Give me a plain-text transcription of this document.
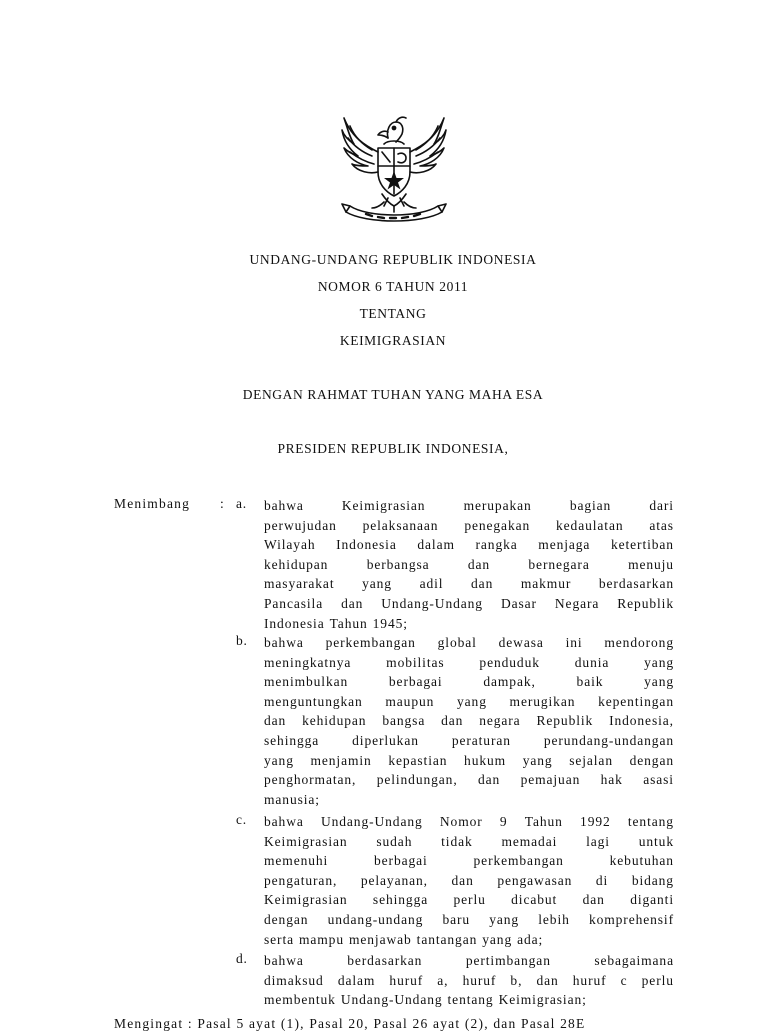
UNDANG-UNDANG REPUBLIK INDONESIA
NOMOR 6 TAHUN 2011
TENTANG
KEIMIGRASIAN
DENGAN RAHMAT TUHAN YANG MAHA ESA
PRESIDEN REPUBLIK INDONESIA,
Menimbang : a. bahwa	Keimigrasian	merupakan	bagian	dari
perwujudan pelaksanaan penegakan kedaulatan atas
Wilayah Indonesia dalam rangka menjaga ketertiban
kehidupan	berbangsa	dan	bernegara	menuju
masyarakat yang adil dan makmur berdasarkan
Pancasila dan Undang-Undang Dasar Negara Republik
Indonesia Tahun 1945;
b. bahwa perkembangan global dewasa ini mendorong
meningkatnya	mobilitas	penduduk	dunia	yang
menimbulkan	berbagai	dampak,	baik	yang
menguntungkan maupun yang merugikan kepentingan
dan kehidupan bangsa dan negara Republik Indonesia,
sehingga diperlukan peraturan perundang-undangan
yang menjamin kepastian hukum yang sejalan dengan
penghormatan, pelindungan, dan pemajuan hak asasi
manusia;
c. bahwa Undang-Undang Nomor 9 Tahun 1992 tentang
Keimigrasian sudah tidak memadai lagi untuk
memenuhi	berbagai	perkembangan	kebutuhan
pengaturan, pelayanan, dan pengawasan di bidang
Keimigrasian sehingga perlu dicabut dan diganti
dengan undang-undang baru yang lebih komprehensif
serta mampu menjawab tantangan yang ada;
d. bahwa	berdasarkan	pertimbangan	sebagaimana
dimaksud dalam huruf a, huruf b, dan huruf c perlu
membentuk Undang-Undang tentang Keimigrasian;
Mengingat : Pasal 5 ayat (1), Pasal 20, Pasal 26 ayat (2), dan Pasal 28E
